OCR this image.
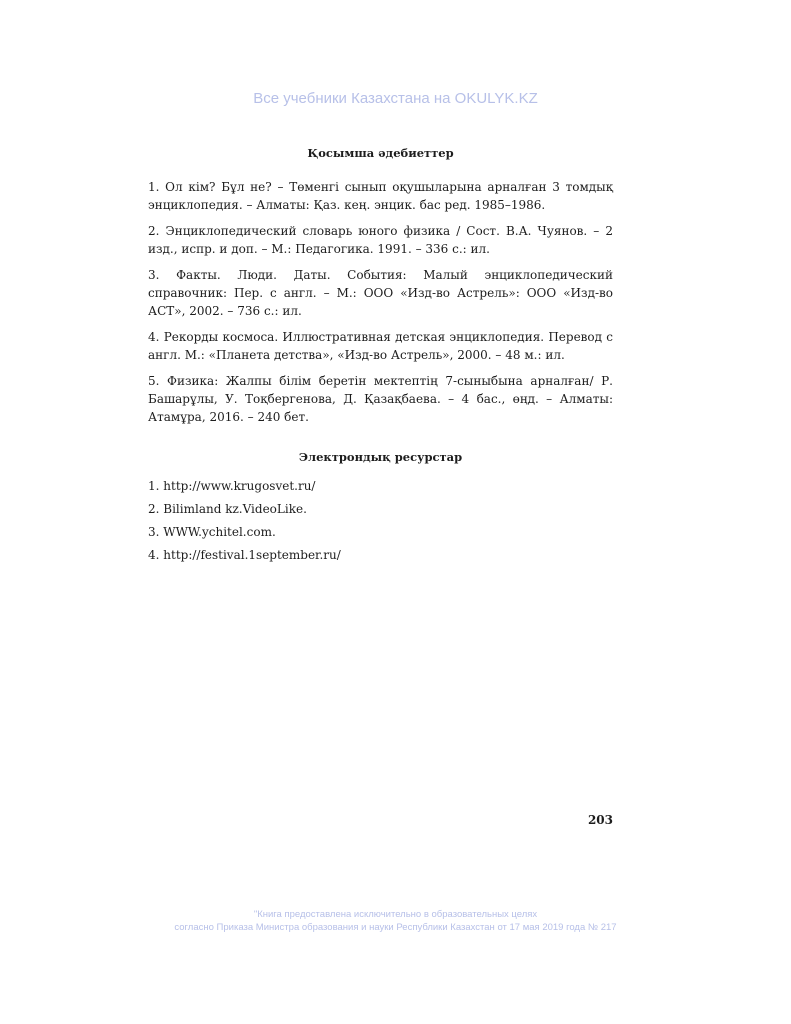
Все учебники Казахстана на OKULYK.KZ
Қосымша әдебиеттер

1. Ол кім? Бұл не? – Төменгі сынып оқушыларына арналған 3 томдық энциклопедия. – Алматы: Қаз. кең. энцик. бас ред. 1985–1986.

2. Энциклопедический словарь юного физика / Сост. В.А. Чуянов. – 2 изд., испр. и доп. – М.: Педагогика. 1991. – 336 с.: ил.

3. Факты. Люди. Даты. События: Малый энциклопедический справочник: Пер. с англ. – М.: ООО «Изд-во Астрель»: ООО «Изд-во АСТ», 2002. – 736 с.: ил.

4. Рекорды космоса. Иллюстративная детская энциклопедия. Перевод с англ. М.: «Планета детства», «Изд-во Астрель», 2000. – 48 м.: ил.

5. Физика: Жалпы білім беретін мектептің 7-сыныбына арналған/ Р. Башарұлы, У. Тоқбергенова, Д. Қазақбаева. – 4 бас., өңд. – Алматы: Атамұра, 2016. – 240 бет.

Электрондық ресурстар

1. http://www.krugosvet.ru/

2. Bilimland kz.VideoLike.

3. WWW.ychitel.com.

4. http://festival.1september.ru/

203
"Книга предоставлена исключительно в образовательных целях
согласно Приказа Министра образования и науки Республики Казахстан от 17 мая 2019 года № 217
